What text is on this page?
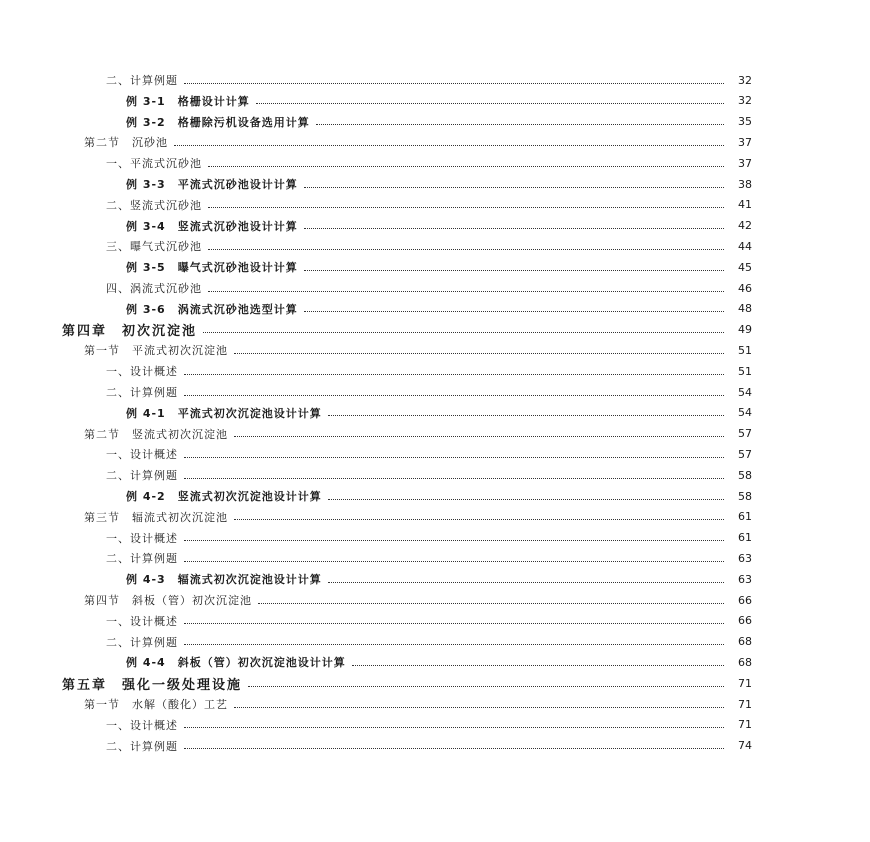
二、计算例题	32
例 3-1　格栅设计计算	32
例 3-2　格栅除污机设备选用计算	35
第二节　沉砂池	37
一、平流式沉砂池	37
例 3-3　平流式沉砂池设计计算	38
二、竖流式沉砂池	41
例 3-4　竖流式沉砂池设计计算	42
三、曝气式沉砂池	44
例 3-5　曝气式沉砂池设计计算	45
四、涡流式沉砂池	46
例 3-6　涡流式沉砂池选型计算	48
第四章　初次沉淀池	49
第一节　平流式初次沉淀池	51
一、设计概述	51
二、计算例题	54
例 4-1　平流式初次沉淀池设计计算	54
第二节　竖流式初次沉淀池	57
一、设计概述	57
二、计算例题	58
例 4-2　竖流式初次沉淀池设计计算	58
第三节　辐流式初次沉淀池	61
一、设计概述	61
二、计算例题	63
例 4-3　辐流式初次沉淀池设计计算	63
第四节　斜板（管）初次沉淀池	66
一、设计概述	66
二、计算例题	68
例 4-4　斜板（管）初次沉淀池设计计算	68
第五章　强化一级处理设施	71
第一节　水解（酸化）工艺	71
一、设计概述	71
二、计算例题	74
